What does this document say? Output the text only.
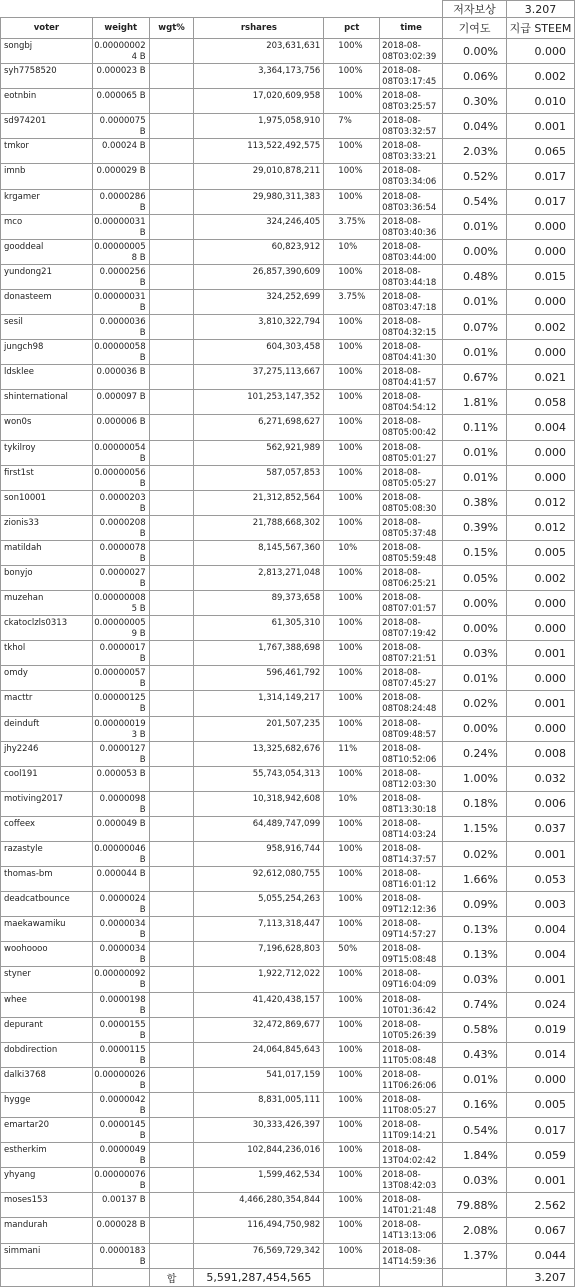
						저자보상	3.207
voter	weight	wgt%	rshares	pct	time	기여도	지급 STEEM
songbj	0.00000002 4 B		203,631,631	100%	2018-08-08T03:02:39	0.00%	0.000
syh7758520	0.000023 B		3,364,173,756	100%	2018-08-08T03:17:45	0.06%	0.002
eotnbin	0.000065 B		17,020,609,958	100%	2018-08-08T03:25:57	0.30%	0.010
sd974201	0.0000075 B		1,975,058,910	7%	2018-08-08T03:32:57	0.04%	0.001
tmkor	0.00024 B		113,522,492,575	100%	2018-08-08T03:33:21	2.03%	0.065
imnb	0.000029 B		29,010,878,211	100%	2018-08-08T03:34:06	0.52%	0.017
krgamer	0.0000286 B		29,980,311,383	100%	2018-08-08T03:36:54	0.54%	0.017
mco	0.00000031 B		324,246,405	3.75%	2018-08-08T03:40:36	0.01%	0.000
gooddeal	0.00000005 8 B		60,823,912	10%	2018-08-08T03:44:00	0.00%	0.000
yundong21	0.0000256 B		26,857,390,609	100%	2018-08-08T03:44:18	0.48%	0.015
donasteem	0.00000031 B		324,252,699	3.75%	2018-08-08T03:47:18	0.01%	0.000
sesil	0.0000036 B		3,810,322,794	100%	2018-08-08T04:32:15	0.07%	0.002
jungch98	0.00000058 B		604,303,458	100%	2018-08-08T04:41:30	0.01%	0.000
ldsklee	0.000036 B		37,275,113,667	100%	2018-08-08T04:41:57	0.67%	0.021
shinternational	0.000097 B		101,253,147,352	100%	2018-08-08T04:54:12	1.81%	0.058
won0s	0.000006 B		6,271,698,627	100%	2018-08-08T05:00:42	0.11%	0.004
tykilroy	0.00000054 B		562,921,989	100%	2018-08-08T05:01:27	0.01%	0.000
first1st	0.00000056 B		587,057,853	100%	2018-08-08T05:05:27	0.01%	0.000
son10001	0.0000203 B		21,312,852,564	100%	2018-08-08T05:08:30	0.38%	0.012
zionis33	0.0000208 B		21,788,668,302	100%	2018-08-08T05:37:48	0.39%	0.012
matildah	0.0000078 B		8,145,567,360	10%	2018-08-08T05:59:48	0.15%	0.005
bonyjo	0.0000027 B		2,813,271,048	100%	2018-08-08T06:25:21	0.05%	0.002
muzehan	0.00000008 5 B		89,373,658	100%	2018-08-08T07:01:57	0.00%	0.000
ckatoclzls0313	0.00000005 9 B		61,305,310	100%	2018-08-08T07:19:42	0.00%	0.000
tkhol	0.0000017 B		1,767,388,698	100%	2018-08-08T07:21:51	0.03%	0.001
omdy	0.00000057 B		596,461,792	100%	2018-08-08T07:45:27	0.01%	0.000
macttr	0.00000125 B		1,314,149,217	100%	2018-08-08T08:24:48	0.02%	0.001
deinduft	0.00000019 3 B		201,507,235	100%	2018-08-08T09:48:57	0.00%	0.000
jhy2246	0.0000127 B		13,325,682,676	11%	2018-08-08T10:52:06	0.24%	0.008
cool191	0.000053 B		55,743,054,313	100%	2018-08-08T12:03:30	1.00%	0.032
motiving2017	0.0000098 B		10,318,942,608	10%	2018-08-08T13:30:18	0.18%	0.006
coffeex	0.000049 B		64,489,747,099	100%	2018-08-08T14:03:24	1.15%	0.037
razastyle	0.00000046 B		958,916,744	100%	2018-08-08T14:37:57	0.02%	0.001
thomas-bm	0.000044 B		92,612,080,755	100%	2018-08-08T16:01:12	1.66%	0.053
deadcatbounce	0.0000024 B		5,055,254,263	100%	2018-08-09T12:12:36	0.09%	0.003
maekawamiku	0.0000034 B		7,113,318,447	100%	2018-08-09T14:57:27	0.13%	0.004
woohoooo	0.0000034 B		7,196,628,803	50%	2018-08-09T15:08:48	0.13%	0.004
styner	0.00000092 B		1,922,712,022	100%	2018-08-09T16:04:09	0.03%	0.001
whee	0.0000198 B		41,420,438,157	100%	2018-08-10T01:36:42	0.74%	0.024
depurant	0.0000155 B		32,472,869,677	100%	2018-08-10T05:26:39	0.58%	0.019
dobdirection	0.0000115 B		24,064,845,643	100%	2018-08-11T05:08:48	0.43%	0.014
dalki3768	0.00000026 B		541,017,159	100%	2018-08-11T06:26:06	0.01%	0.000
hygge	0.0000042 B		8,831,005,111	100%	2018-08-11T08:05:27	0.16%	0.005
emartar20	0.0000145 B		30,333,426,397	100%	2018-08-11T09:14:21	0.54%	0.017
estherkim	0.0000049 B		102,844,236,016	100%	2018-08-13T04:02:42	1.84%	0.059
yhyang	0.00000076 B		1,599,462,534	100%	2018-08-13T08:42:03	0.03%	0.001
moses153	0.00137 B		4,466,280,354,844	100%	2018-08-14T01:21:48	79.88%	2.562
mandurah	0.000028 B		116,494,750,982	100%	2018-08-14T13:13:06	2.08%	0.067
simmani	0.0000183 B		76,569,729,342	100%	2018-08-14T14:59:36	1.37%	0.044
		합	5,591,287,454,565				3.207
